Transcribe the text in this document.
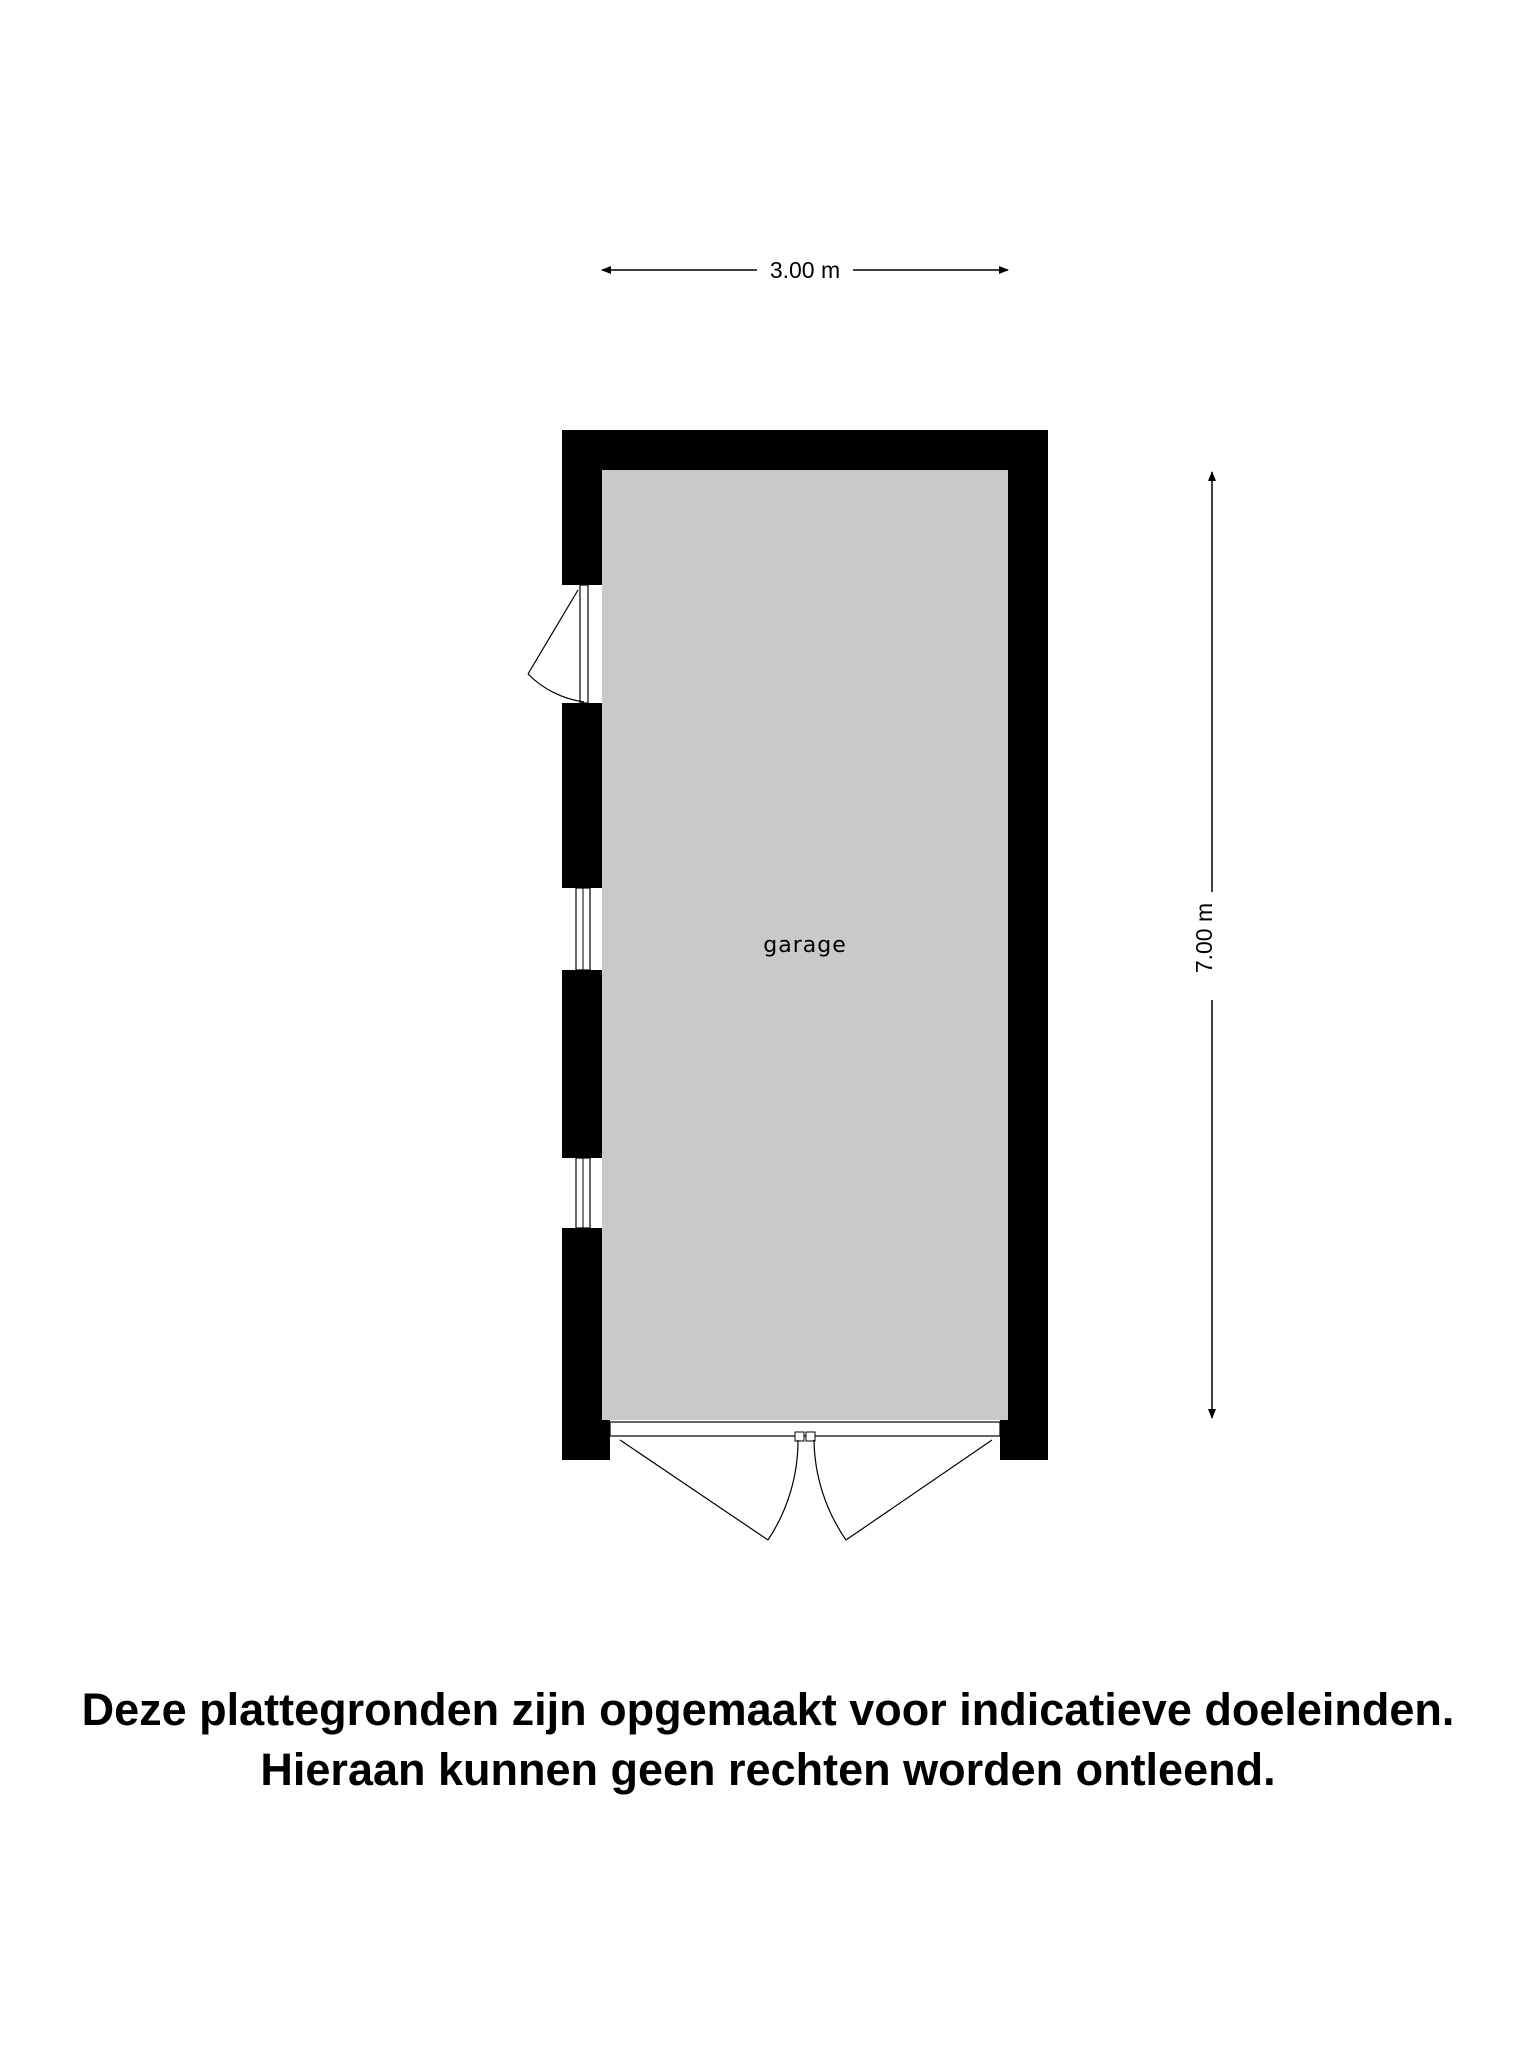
3.00 m
7.00 m
garage
Deze plattegronden zijn opgemaakt voor indicatieve doeleinden.
Hieraan kunnen geen rechten worden ontleend.
